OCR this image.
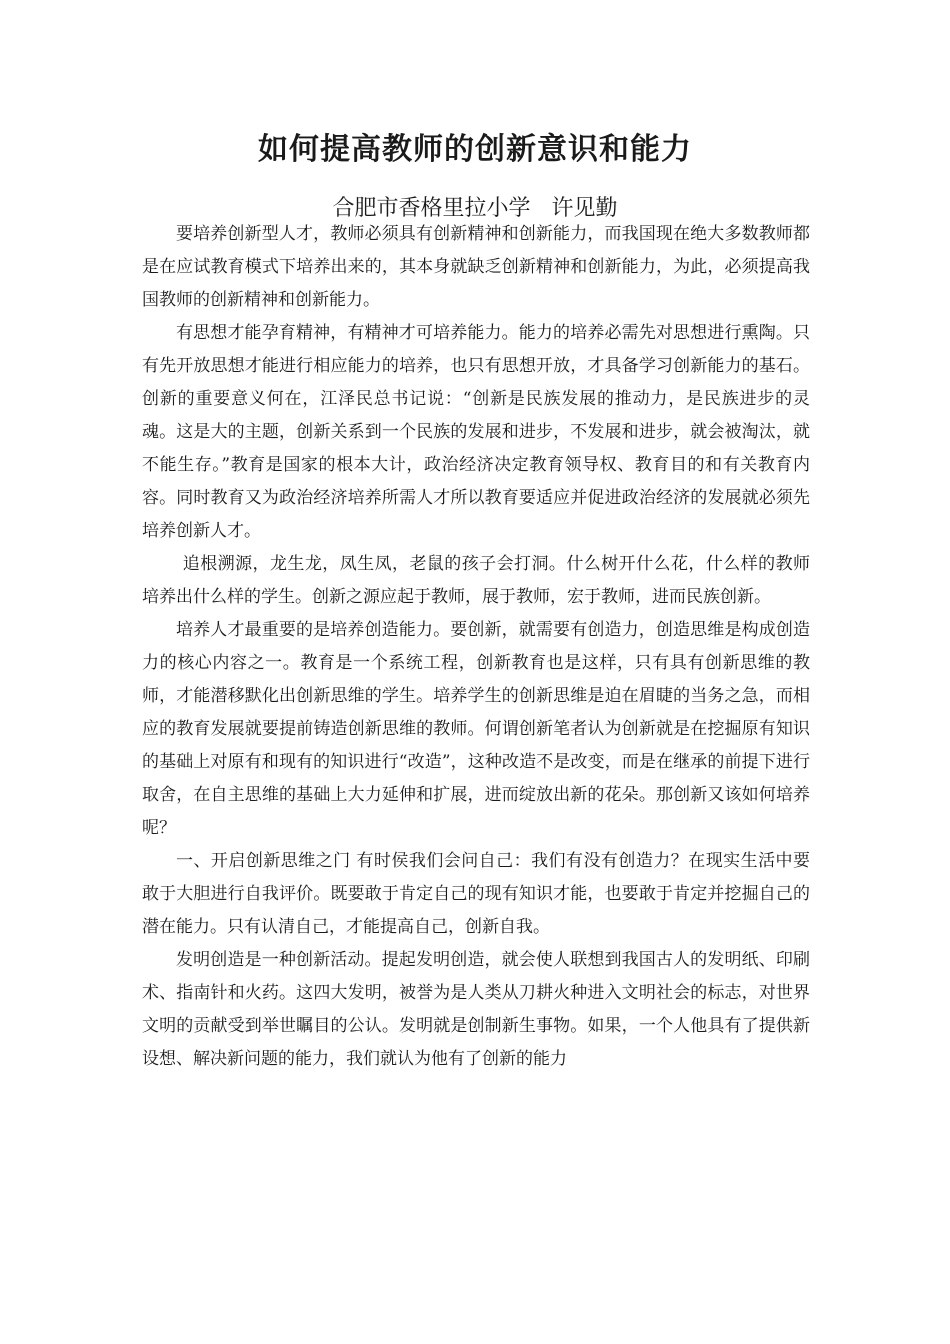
如何提高教师的创新意识和能力

合肥市香格里拉小学   许见勤

要培养创新型人才，教师必须具有创新精神和创新能力，而我国现在绝大多数教师都是在应试教育模式下培养出来的，其本身就缺乏创新精神和创新能力，为此，必须提高我国教师的创新精神和创新能力。

有思想才能孕育精神，有精神才可培养能力。能力的培养必需先对思想进行熏陶。只有先开放思想才能进行相应能力的培养，也只有思想开放，才具备学习创新能力的基石。创新的重要意义何在，江泽民总书记说：“创新是民族发展的推动力，是民族进步的灵魂。这是大的主题，创新关系到一个民族的发展和进步，不发展和进步，就会被淘汰，就不能生存。”教育是国家的根本大计，政治经济决定教育领导权、教育目的和有关教育内容。同时教育又为政治经济培养所需人才所以教育要适应并促进政治经济的发展就必须先培养创新人才。

追根溯源，龙生龙，凤生凤，老鼠的孩子会打洞。什么树开什么花，什么样的教师培养出什么样的学生。创新之源应起于教师，展于教师，宏于教师，进而民族创新。

培养人才最重要的是培养创造能力。要创新，就需要有创造力，创造思维是构成创造力的核心内容之一。教育是一个系统工程，创新教育也是这样，只有具有创新思维的教师，才能潜移默化出创新思维的学生。培养学生的创新思维是迫在眉睫的当务之急，而相应的教育发展就要提前铸造创新思维的教师。何谓创新笔者认为创新就是在挖掘原有知识的基础上对原有和现有的知识进行“改造”，这种改造不是改变，而是在继承的前提下进行取舍，在自主思维的基础上大力延伸和扩展，进而绽放出新的花朵。那创新又该如何培养呢？

一、开启创新思维之门 有时侯我们会问自己：我们有没有创造力？在现实生活中要敢于大胆进行自我评价。既要敢于肯定自己的现有知识才能，也要敢于肯定并挖掘自己的潜在能力。只有认清自己，才能提高自己，创新自我。

发明创造是一种创新活动。提起发明创造，就会使人联想到我国古人的发明纸、印刷术、指南针和火药。这四大发明，被誉为是人类从刀耕火种进入文明社会的标志，对世界文明的贡献受到举世瞩目的公认。发明就是创制新生事物。如果，一个人他具有了提供新设想、解决新问题的能力，我们就认为他有了创新的能力
